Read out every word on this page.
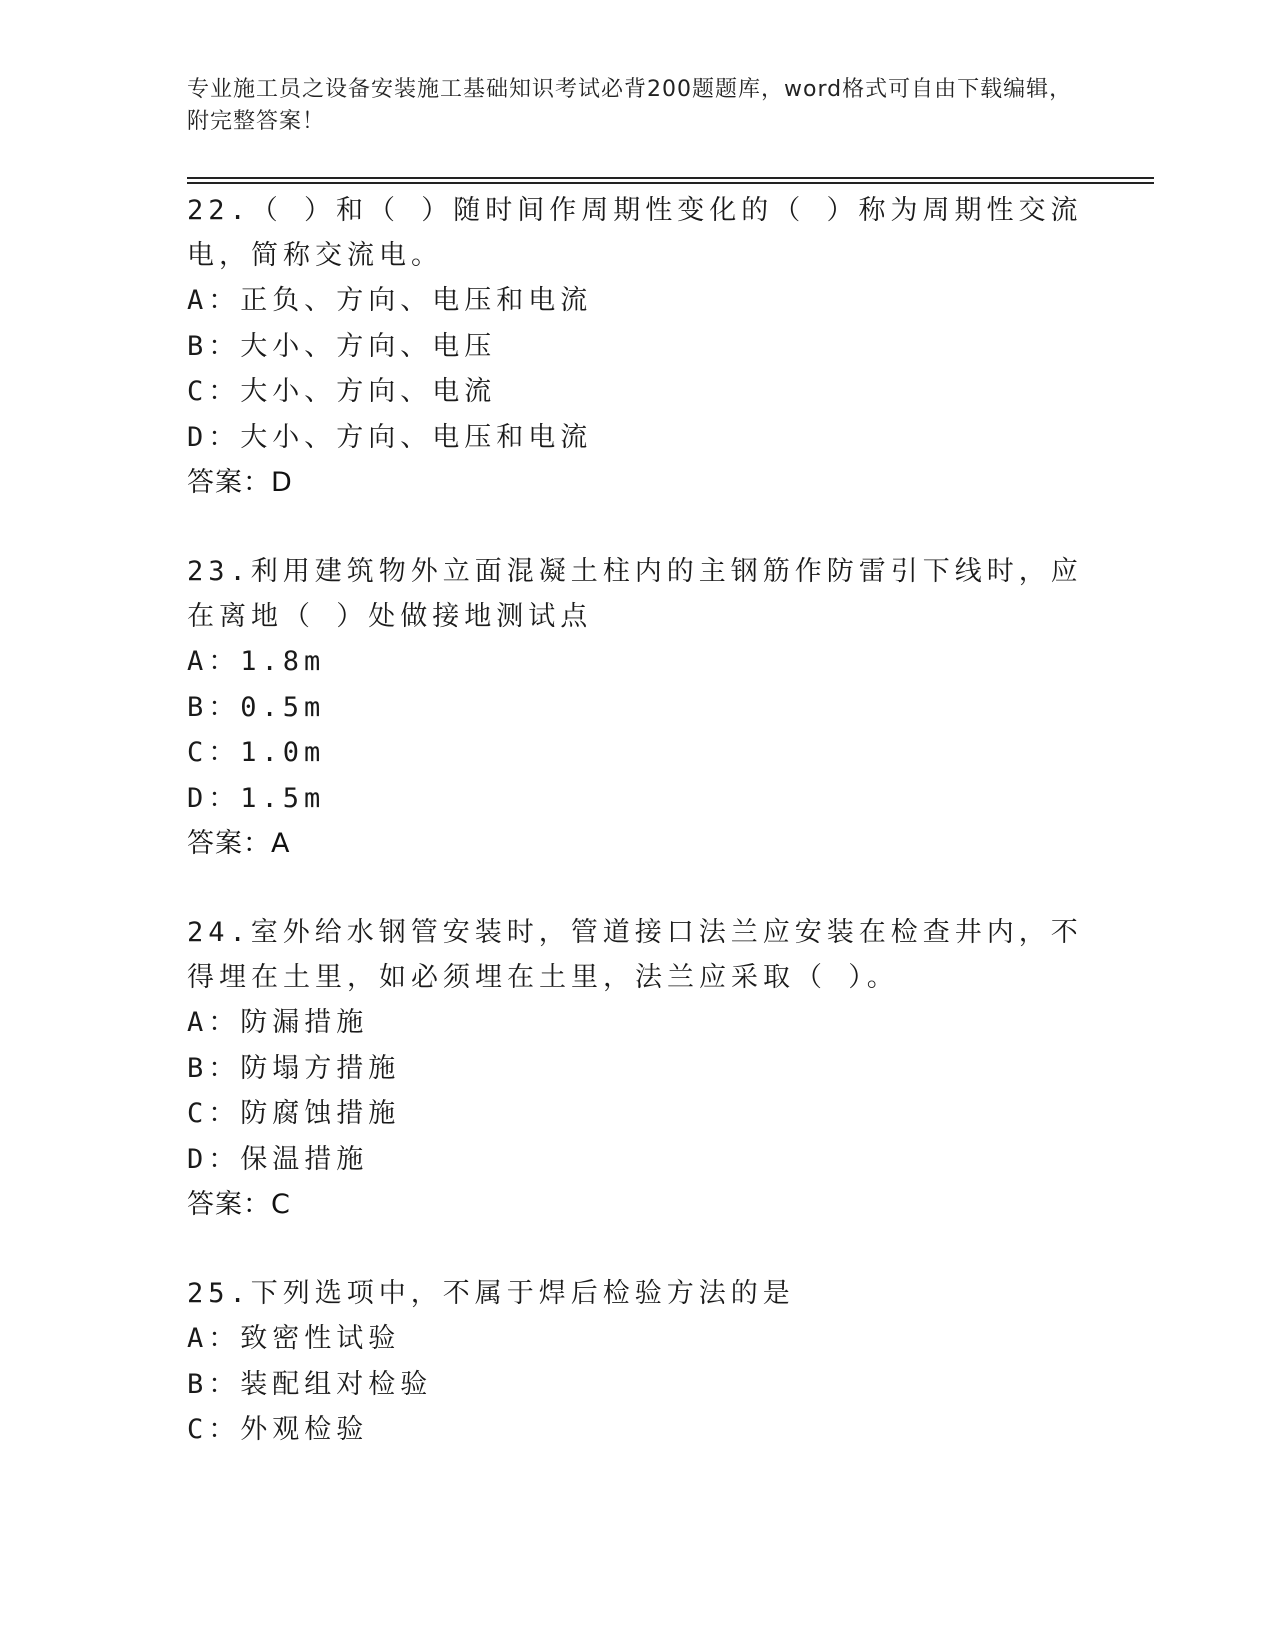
专业施工员之设备安装施工基础知识考试必背200题题库，word格式可自由下载编辑，附完整答案！
22.（ ）和（ ）随时间作周期性变化的（ ）称为周期性交流电，简称交流电。
A：正负、方向、电压和电流
B：大小、方向、电压
C：大小、方向、电流
D：大小、方向、电压和电流
答案：D
23.利用建筑物外立面混凝土柱内的主钢筋作防雷引下线时，应在离地（ ）处做接地测试点
A：1.8m
B：0.5m
C：1.0m
D：1.5m
答案：A
24.室外给水钢管安装时，管道接口法兰应安装在检查井内，不得埋在土里，如必须埋在土里，法兰应采取（ ）。
A：防漏措施
B：防塌方措施
C：防腐蚀措施
D：保温措施
答案：C
25.下列选项中，不属于焊后检验方法的是
A：致密性试验
B：装配组对检验
C：外观检验
